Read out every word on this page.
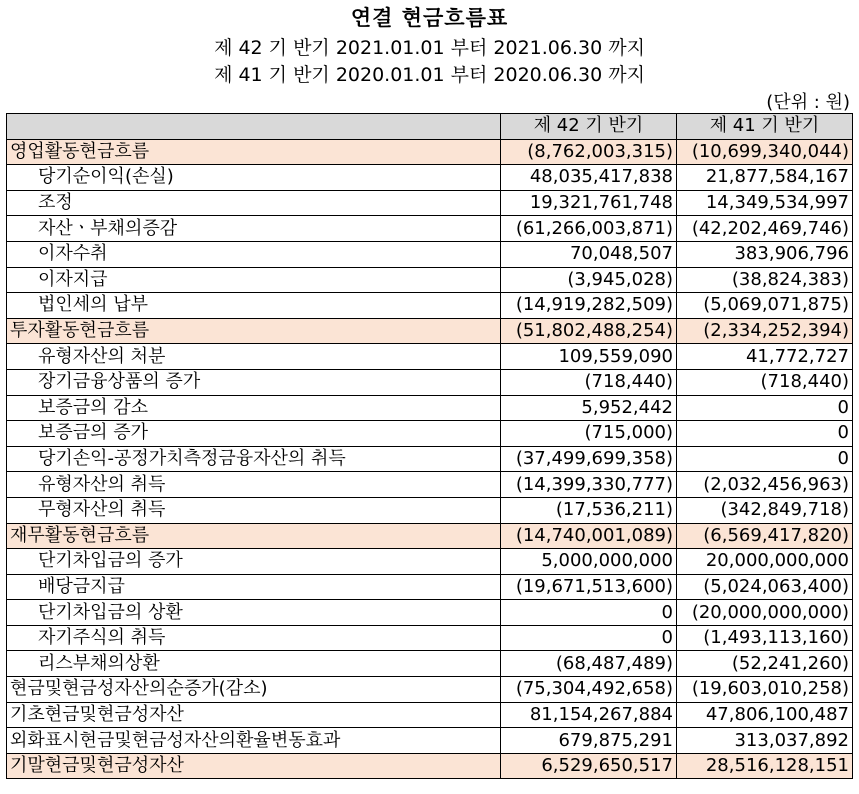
연결 현금흐름표
제 42 기 반기 2021.01.01 부터 2021.06.30 까지
제 41 기 반기 2020.01.01 부터 2020.06.30 까지
(단위 : 원)
	제 42 기 반기	제 41 기 반기
영업활동현금흐름	(8,762,003,315)	(10,699,340,044)
당기순이익(손실)	48,035,417,838	21,877,584,167
조정	19,321,761,748	14,349,534,997
자산ㆍ부채의증감	(61,266,003,871)	(42,202,469,746)
이자수취	70,048,507	383,906,796
이자지급	(3,945,028)	(38,824,383)
법인세의 납부	(14,919,282,509)	(5,069,071,875)
투자활동현금흐름	(51,802,488,254)	(2,334,252,394)
유형자산의 처분	109,559,090	41,772,727
장기금융상품의 증가	(718,440)	(718,440)
보증금의 감소	5,952,442	0
보증금의 증가	(715,000)	0
당기손익-공정가치측정금융자산의 취득	(37,499,699,358)	0
유형자산의 취득	(14,399,330,777)	(2,032,456,963)
무형자산의 취득	(17,536,211)	(342,849,718)
재무활동현금흐름	(14,740,001,089)	(6,569,417,820)
단기차입금의 증가	5,000,000,000	20,000,000,000
배당금지급	(19,671,513,600)	(5,024,063,400)
단기차입금의 상환	0	(20,000,000,000)
자기주식의 취득	0	(1,493,113,160)
리스부채의상환	(68,487,489)	(52,241,260)
현금및현금성자산의순증가(감소)	(75,304,492,658)	(19,603,010,258)
기초현금및현금성자산	81,154,267,884	47,806,100,487
외화표시현금및현금성자산의환율변동효과	679,875,291	313,037,892
기말현금및현금성자산	6,529,650,517	28,516,128,151
